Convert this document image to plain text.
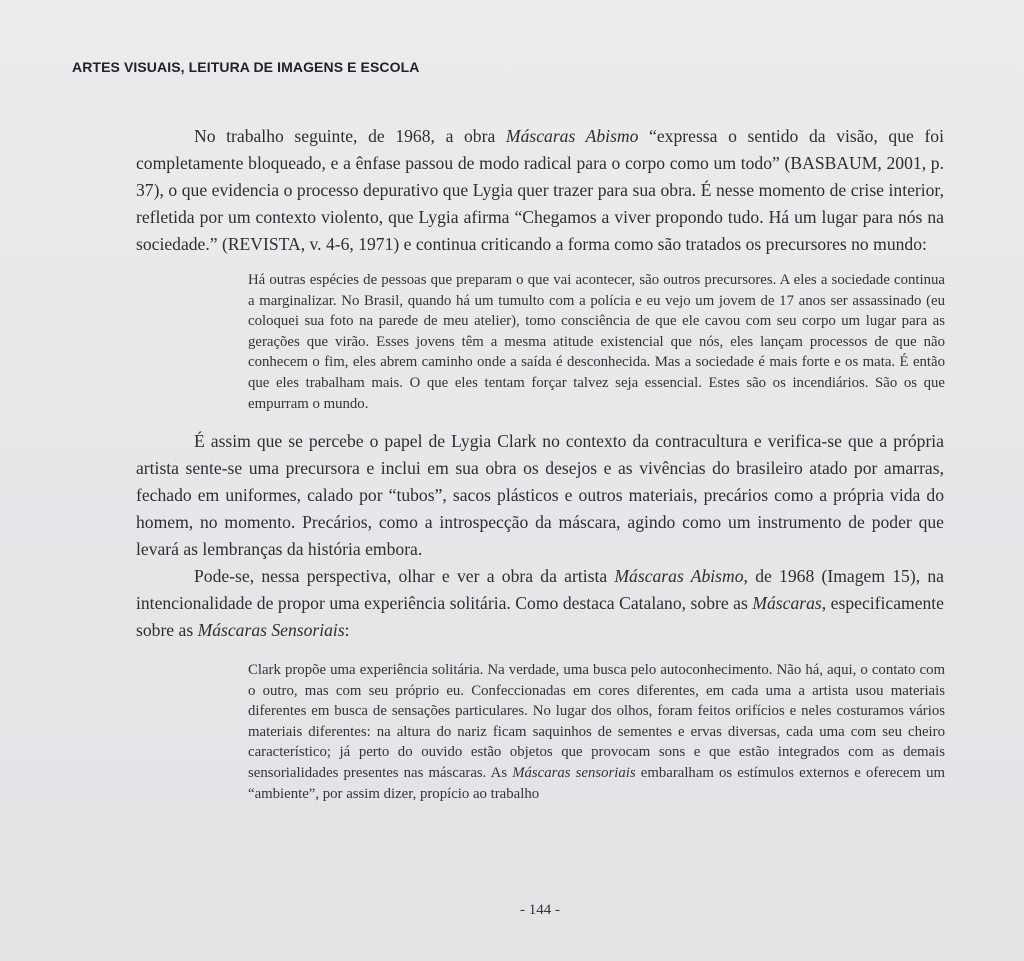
ARTES VISUAIS, LEITURA DE IMAGENS E ESCOLA

No trabalho seguinte, de 1968, a obra Máscaras Abismo “expressa o sentido da visão, que foi completamente bloqueado, e a ênfase passou de modo radical para o corpo como um todo” (BASBAUM, 2001, p. 37), o que evidencia o processo depurativo que Lygia quer trazer para sua obra. É nesse momento de crise interior, refletida por um contexto violento, que Lygia afirma “Chegamos a viver propondo tudo. Há um lugar para nós na sociedade.” (REVISTA, v. 4-6, 1971) e continua criticando a forma como são tratados os precursores no mundo:

Há outras espécies de pessoas que preparam o que vai acontecer, são outros precursores. A eles a sociedade continua a marginalizar. No Brasil, quando há um tumulto com a polícia e eu vejo um jovem de 17 anos ser assassinado (eu coloquei sua foto na parede de meu atelier), tomo consciência de que ele cavou com seu corpo um lugar para as gerações que virão. Esses jovens têm a mesma atitude existencial que nós, eles lançam processos de que não conhecem o fim, eles abrem caminho onde a saída é desconhecida. Mas a sociedade é mais forte e os mata. É então que eles trabalham mais. O que eles tentam forçar talvez seja essencial. Estes são os incendiários. São os que empurram o mundo.

É assim que se percebe o papel de Lygia Clark no contexto da contracultura e verifica-se que a própria artista sente-se uma precursora e inclui em sua obra os desejos e as vivências do brasileiro atado por amarras, fechado em uniformes, calado por “tubos”, sacos plásticos e outros materiais, precários como a própria vida do homem, no momento. Precários, como a introspecção da máscara, agindo como um instrumento de poder que levará as lembranças da história embora.

Pode-se, nessa perspectiva, olhar e ver a obra da artista Máscaras Abismo, de 1968 (Imagem 15), na intencionalidade de propor uma experiência solitária. Como destaca Catalano, sobre as Máscaras, especificamente sobre as Máscaras Sensoriais:

Clark propõe uma experiência solitária. Na verdade, uma busca pelo autoconhecimento. Não há, aqui, o contato com o outro, mas com seu próprio eu. Confeccionadas em cores diferentes, em cada uma a artista usou materiais diferentes em busca de sensações particulares. No lugar dos olhos, foram feitos orifícios e neles costuramos vários materiais diferentes: na altura do nariz ficam saquinhos de sementes e ervas diversas, cada uma com seu cheiro característico; já perto do ouvido estão objetos que provocam sons e que estão integrados com as demais sensorialidades presentes nas máscaras. As Máscaras sensoriais embaralham os estímulos externos e oferecem um “ambiente”, por assim dizer, propício ao trabalho

- 144 -
